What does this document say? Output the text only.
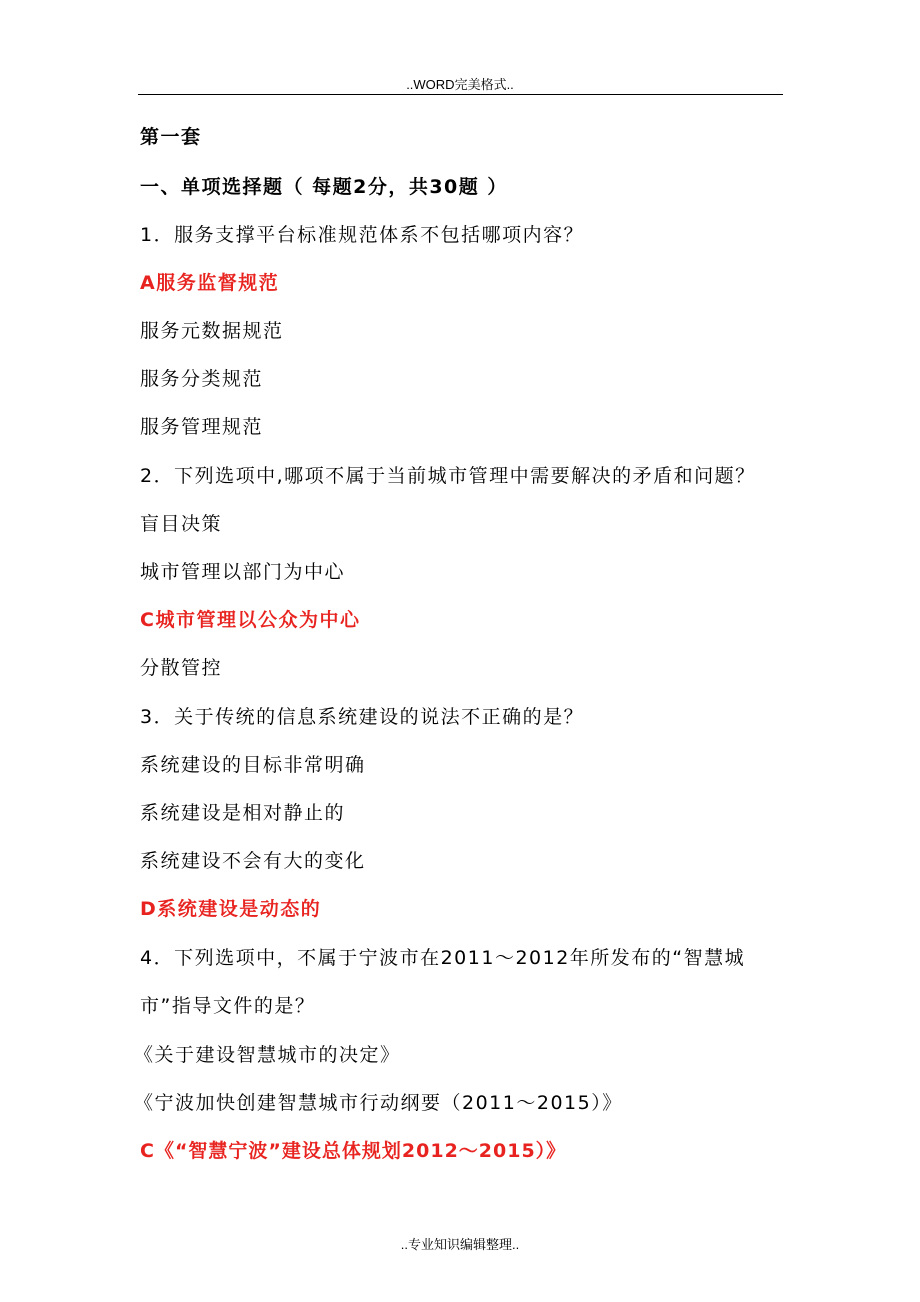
..WORD完美格式..
第一套
一、单项选择题（ 每题2分，共30题 ）
1．服务支撑平台标准规范体系不包括哪项内容？
A服务监督规范
服务元数据规范
服务分类规范
服务管理规范
2．下列选项中,哪项不属于当前城市管理中需要解决的矛盾和问题？
盲目决策
城市管理以部门为中心
C城市管理以公众为中心
分散管控
3．关于传统的信息系统建设的说法不正确的是？
系统建设的目标非常明确
系统建设是相对静止的
系统建设不会有大的变化
D系统建设是动态的
4．下列选项中，不属于宁波市在2011～2012年所发布的“智慧城
市”指导文件的是？
《关于建设智慧城市的决定》
《宁波加快创建智慧城市行动纲要（2011～2015）》
C《“智慧宁波”建设总体规划2012～2015）》
..专业知识编辑整理..
